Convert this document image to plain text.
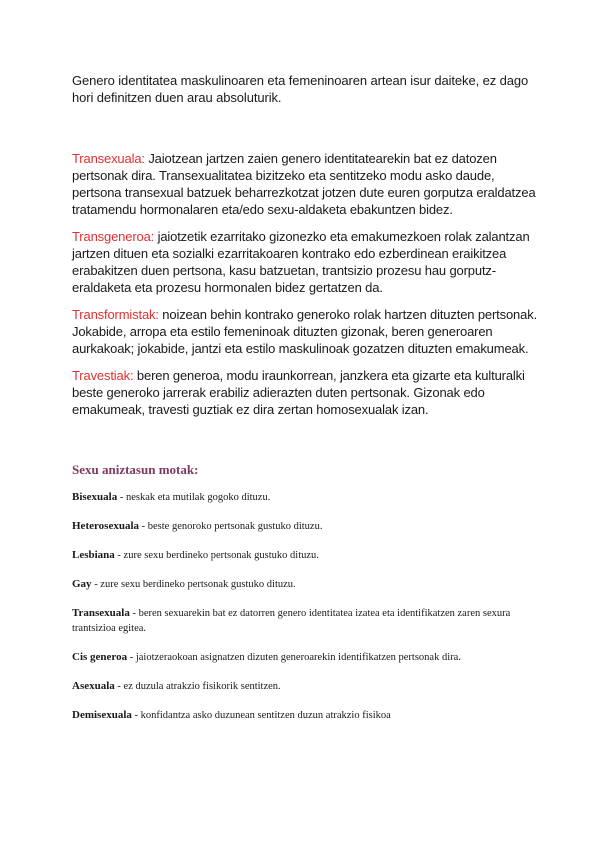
Genero identitatea maskulinoaren eta femeninoaren artean isur daiteke, ez dago hori definitzen duen arau absoluturik.

Transexuala: Jaiotzean jartzen zaien genero identitatearekin bat ez datozen pertsonak dira. Transexualitatea bizitzeko eta sentitzeko modu asko daude, pertsona transexual batzuek beharrezkotzat jotzen dute euren gorputza eraldatzea tratamendu hormonalaren eta/edo sexu-aldaketa ebakuntzen bidez.

Transgeneroa: jaiotzetik ezarritako gizonezko eta emakumezkoen rolak zalantzan jartzen dituen eta sozialki ezarritakoaren kontrako edo ezberdinean eraikitzea erabakitzen duen pertsona, kasu batzuetan, trantsizio prozesu hau gorputz-eraldaketa eta prozesu hormonalen bidez gertatzen da.

Transformistak: noizean behin kontrako generoko rolak hartzen dituzten pertsonak. Jokabide, arropa eta estilo femeninoak dituzten gizonak, beren generoaren aurkakoak; jokabide, jantzi eta estilo maskulinoak gozatzen dituzten emakumeak.

Travestiak: beren generoa, modu iraunkorrean, janzkera eta gizarte eta kulturalki beste generoko jarrerak erabiliz adierazten duten pertsonak. Gizonak edo emakumeak, travesti guztiak ez dira zertan homosexualak izan.

Sexu aniztasun motak:

Bisexuala - neskak eta mutilak gogoko dituzu.

Heterosexuala - beste genoroko pertsonak gustuko dituzu.

Lesbiana - zure sexu berdineko pertsonak gustuko dituzu.

Gay - zure sexu berdineko pertsonak gustuko dituzu.

Transexuala - beren sexuarekin bat ez datorren genero identitatea izatea eta identifikatzen zaren sexura trantsizioa egitea.

Cis generoa - jaiotzeraokoan asignatzen dizuten generoarekin identifikatzen pertsonak dira.

Asexuala - ez duzula atrakzio fisikorik sentitzen.

Demisexuala - konfidantza asko duzunean sentitzen duzun atrakzio fisikoa
